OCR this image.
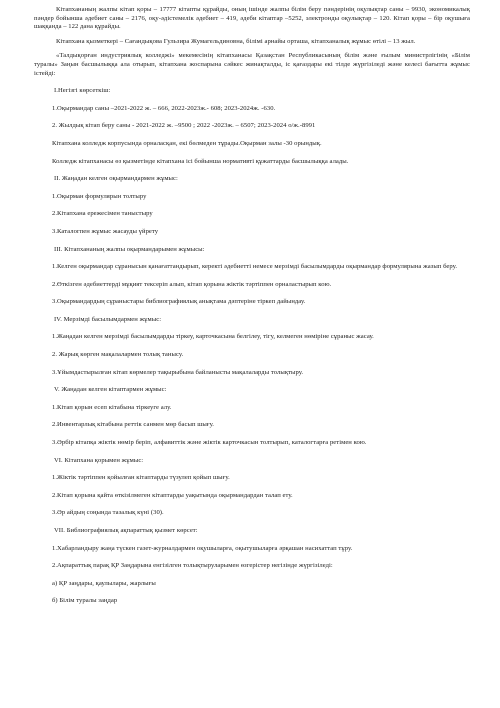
Кітапхананың жалпы кітап қоры – 17777 кітапты құрайды, оның ішінде жалпы білім беру пәндерінің оқулықтар саны – 9930, экономикалық пәндер бойынша әдебиет саны – 2176, оқу-әдістемелік әдебиет – 419, әдеби кітаптар –5252, электронды оқулықтар – 120. Кітап қоры – бір оқушыға шаққанда – 122 дана құрайды.

Кітапхана қызметкері – Сағандықова Гульзира Жумагельдиновна, білімі арнайы орташа, кітапханалық жұмыс өтілі – 13 жыл.

«Талдықорған индустриялық колледжі» мекемесінің кітапханасы Қазақстан Республикасының білім және ғылым министрлігінің «Білім туралы» Заңын басшылыққа ала отырып, кітапхана жоспарына сәйкес жинақталды, іс қағаздары екі тілде жүргізіледі және келесі бағытта жұмыс істейді:

I.Негізгі көрсеткіш:

1.Оқырмандар саны –2021-2022 ж. – 666, 2022-2023ж.- 608; 2023-2024ж. -630.

2. Жылдық кітап беру саны - 2021-2022 ж. –9500 ; 2022 -2023ж. – 6507; 2023-2024 о/ж.-8991

Кітапхана колледж корпусында орналасқан, екі бөлмеден тұрады.Оқырман залы -30 орындық.

Колледж кітапханасы өз қызметінде кітапхана ісі бойынша нормативті құжаттарды басшылыққа алады.

II. Жаңадан келген оқырмандармен жұмыс:

1.Оқырман формулярын толтыру

2.Кітапхана ережесімен таныстыру

3.Каталогпен жұмыс жасауды үйрету

III. Кітапхананың жалпы оқырмандарымен жұмысы:

1.Келген оқырмандар сұранысын қанағаттандырып, керекті әдебиетті немесе мерзімді басылымдарды оқырмандар формулярына жазып беру.

2.Өткізген әдебиеттерді мұқият тексеріп алып, кітап қорына жіктік тәртіппен орналастырып кою.

3.Оқырмандардың сұраныстары библиографиялық анықтама дәптеріне тіркеп дайындау.

IV. Мерзімді басылымдармен жұмыс:

1.Жаңадан келген мерзімді басылымдарды тіркеу, карточкасына белгілеу, тігу, келмеген нөміріне сұраныс жасау.

2. Жарық көрген мақалалармен толық танысу.

3.Ұйымдастырылған кітап көрмелер тақырыбына байланысты мақалаларды толықтыру.

V. Жаңадан келген кітаптармен жұмыс:

1.Кітап қорын есеп кітабына тіркеуге алу.

2.Инвентарлық кітабына реттік санмен мөр басып шығу.

3.Әрбір кітапқа жіктік нөмір беріп, алфавиттік және жіктік карточкасын толтырып, каталогтарға ретімен кою.

VI. Кітапхана қорымен жұмыс:

1.Жіктік тәртіппен қойылған кітаптарды түзулеп қойып шығу.

2.Кітап қорына қайта өткізілмеген кітаптарды уақытында оқырмандардан талап ету.

3.Әр айдың соңында тазалық күні (30).

VII. Библиографиялық ақпараттық қызмет көрсет:

1.Хабарландыру жаңа түскен газет-журналдармен оқушыларға, оқытушыларға әрқашан насихаттап тұру.

2.Ақпараттық парақ ҚР Заңдарына енгізілген толықтыруларымен өзгерістер негізінде жүргізіледі:

а) ҚР заңдары, қаулылары, жарлығы

б) Білім туралы заңдар
